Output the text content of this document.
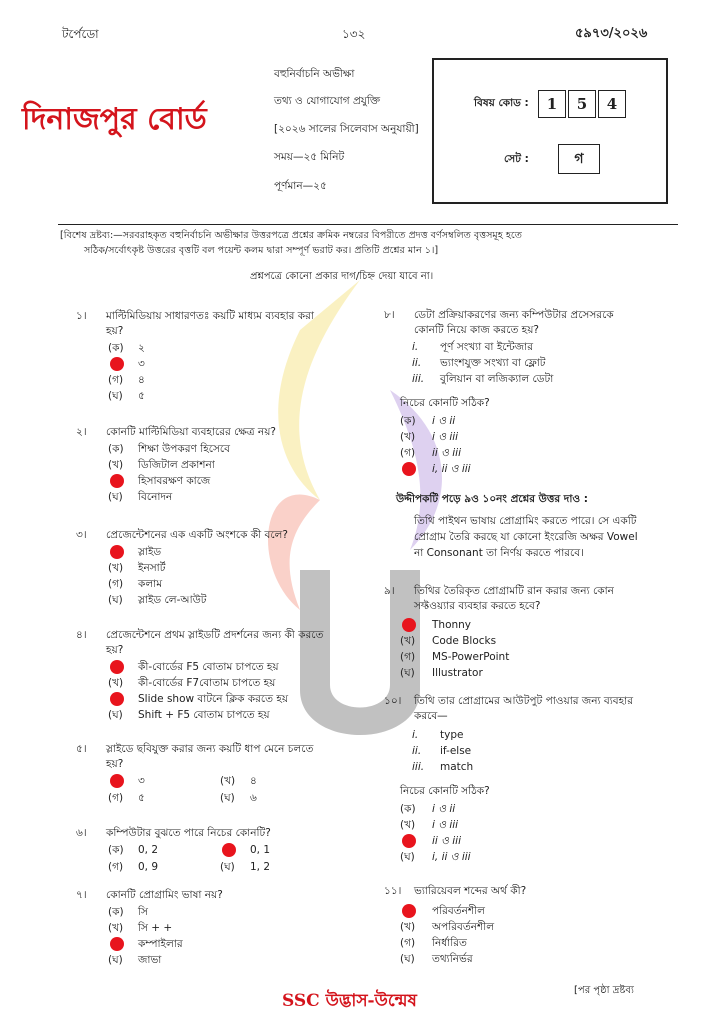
টর্পেডো	১৩২	৫৯৭৩/২০২৬
দিনাজপুর বোর্ড
বহুনির্বাচনি অভীক্ষা
তথ্য ও যোগাযোগ প্রযুক্তি
[২০২৬ সালের সিলেবাস অনুযায়ী]
সময়—২৫ মিনিট
পূর্ণমান—২৫
বিষয় কোড :	1	5	4
সেট :	গ
[বিশেষ দ্রষ্টব্য:—সরবরাহকৃত বহুনির্বাচনি অভীক্ষার উত্তরপত্রে প্রশ্নের ক্রমিক নম্বরের বিপরীতে প্রদত্ত বর্ণসম্বলিত বৃত্তসমূহ হতে
সঠিক/সর্বোৎকৃষ্ট উত্তরের বৃত্তটি বল পয়েন্ট কলম দ্বারা সম্পূর্ণ ভরাট কর। প্রতিটি প্রশ্নের মান ১।]
প্রশ্নপত্রে কোনো প্রকার দাগ/চিহ্ন দেয়া যাবে না।
১। মাল্টিমিডিয়ায় সাধারণতঃ কয়টি মাধ্যম ব্যবহার করা
হয়?
(ক) ২
৩
(গ) ৪
(ঘ) ৫
২। কোনটি মাল্টিমিডিয়া ব্যবহারের ক্ষেত্র নয়?
(ক) শিক্ষা উপকরণ হিসেবে
(খ) ডিজিটাল প্রকাশনা
হিসাবরক্ষণ কাজে
(ঘ) বিনোদন
৩। প্রেজেন্টেশনের এক একটি অংশকে কী বলে?
স্লাইড
(খ) ইনসার্ট
(গ) কলাম
(ঘ) স্লাইড লে-আউট
৪। প্রেজেন্টেশনে প্রথম স্লাইডটি প্রদর্শনের জন্য কী করতে
হয়?
কী-বোর্ডের F5 বোতাম চাপতে হয়
(খ) কী-বোর্ডের F7বোতাম চাপতে হয়
Slide show বাটনে ক্লিক করতে হয়
(ঘ) Shift + F5 বোতাম চাপতে হয়
৫। স্লাইডে ছবিযুক্ত করার জন্য কয়টি ধাপ মেনে চলতে
হয়?
৩	(খ) ৪
(গ) ৫	(ঘ) ৬
৬। কম্পিউটার বুঝতে পারে নিচের কোনটি?
(ক) 0, 2	0, 1
(গ) 0, 9	(ঘ) 1, 2
৭। কোনটি প্রোগ্রামিং ভাষা নয়?
(ক) সি
(খ) সি + +
কম্পাইলার
(ঘ) জাভা
৮। ডেটা প্রক্রিয়াকরণের জন্য কম্পিউটার প্রসেসরকে
কোনটি নিয়ে কাজ করতে হয়?
i. পূর্ণ সংখ্যা বা ইন্টেজার
ii. ভ্যাংশযুক্ত সংখ্যা বা ফ্লোট
iii. বুলিয়ান বা লজিক্যাল ডেটা
নিচের কোনটি সঠিক?
(ক) i ও ii
(খ) i ও iii
(গ) ii ও iii
i, ii ও iii
উদ্দীপকটি পড়ে ৯ও ১০নং প্রশ্নের উত্তর দাও :
তিথি পাইথন ভাষায় প্রোগ্রামিং করতে পারে। সে একটি
প্রোগ্রাম তৈরি করছে যা কোনো ইংরেজি অক্ষর Vowel
না Consonant তা নির্ণয় করতে পারবে।
৯। তিথির তৈরিকৃত প্রোগ্রামটি রান করার জন্য কোন
সফ্টওয়্যার ব্যবহার করতে হবে?
Thonny
(খ) Code Blocks
(গ) MS-PowerPoint
(ঘ) Illustrator
১০। তিথি তার প্রোগ্রামের আউটপুট পাওয়ার জন্য ব্যবহার
করবে—
i. type
ii. if-else
iii. match
নিচের কোনটি সঠিক?
(ক) i ও ii
(খ) i ও iii
ii ও iii
(ঘ) i, ii ও iii
১১। ভ্যারিয়েবল শব্দের অর্থ কী?
পরিবর্তনশীল
(খ) অপরিবর্তনশীল
(গ) নির্ধারিত
(ঘ) তথ্যনির্ভর
SSC উদ্ভাস-উন্মেষ
[পর পৃষ্ঠা দ্রষ্টব্য
